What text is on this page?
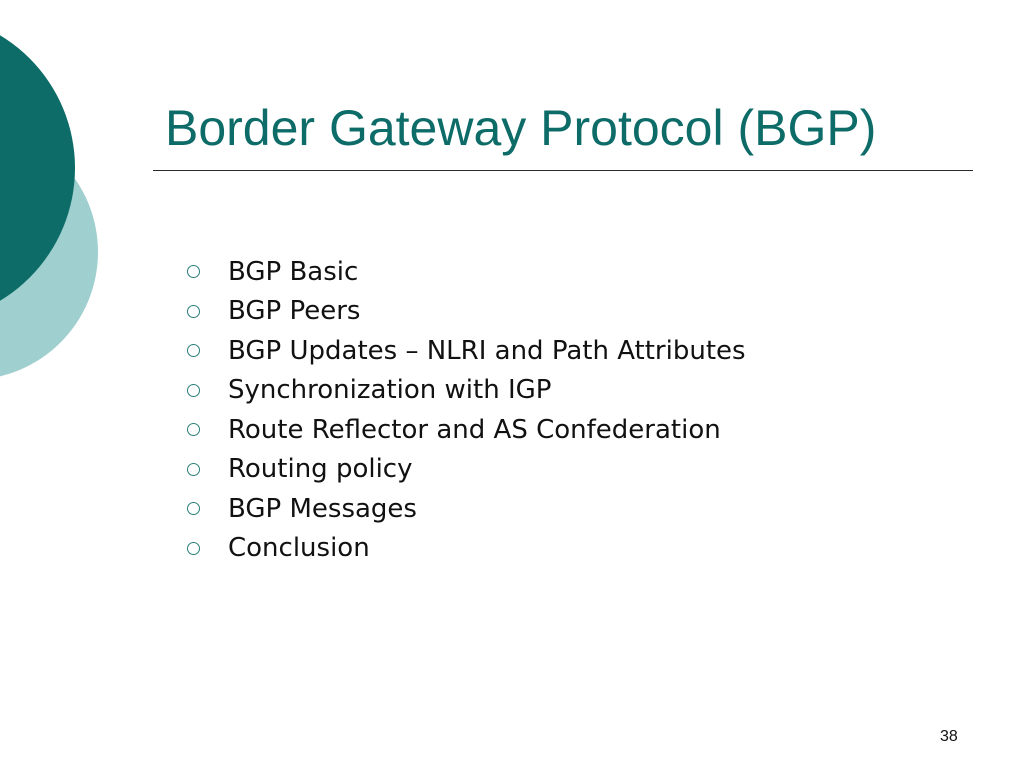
Border Gateway Protocol (BGP)
BGP Basic
BGP Peers
BGP Updates – NLRI and Path Attributes
Synchronization with IGP
Route Reflector and AS Confederation
Routing policy
BGP Messages
Conclusion
38
